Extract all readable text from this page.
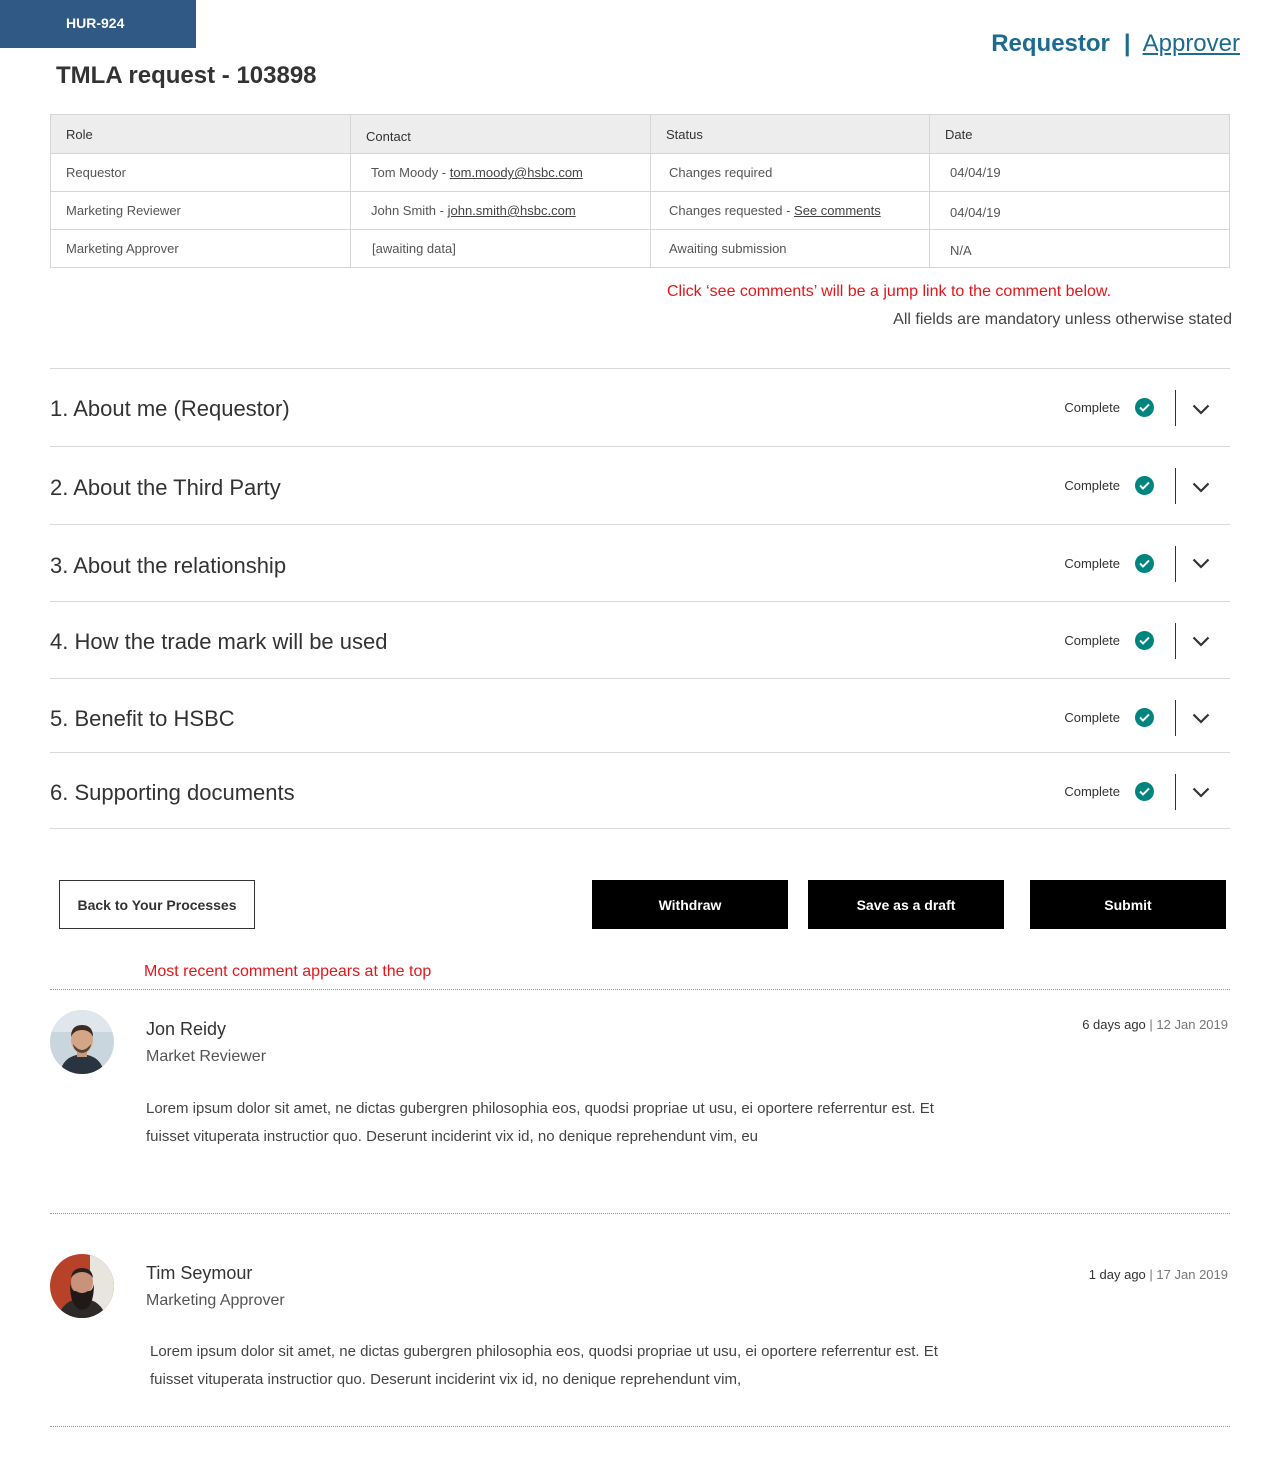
HUR-924
Requestor | Approver
TMLA request - 103898
Role	Contact	Status	Date
Requestor	Tom Moody - tom.moody@hsbc.com	Changes required	04/04/19
Marketing Reviewer	John Smith - john.smith@hsbc.com	Changes requested - See comments	04/04/19
Marketing Approver	[awaiting data]	Awaiting submission	N/A
Click ‘see comments’ will be a jump link to the comment below.
All fields are mandatory unless otherwise stated
1. About me (Requestor)	Complete
2. About the Third Party	Complete
3. About the relationship	Complete
4. How the trade mark will be used	Complete
5. Benefit to HSBC	Complete
6. Supporting documents	Complete
Back to Your Processes	Withdraw	Save as a draft	Submit
Most recent comment appears at the top
Jon Reidy
Market Reviewer
6 days ago | 12 Jan 2019
Lorem ipsum dolor sit amet, ne dictas gubergren philosophia eos, quodsi propriae ut usu, ei oportere referrentur est. Et fuisset vituperata instructior quo. Deserunt inciderint vix id, no denique reprehendunt vim, eu
Tim Seymour
Marketing Approver
1 day ago | 17 Jan 2019
Lorem ipsum dolor sit amet, ne dictas gubergren philosophia eos, quodsi propriae ut usu, ei oportere referrentur est. Et fuisset vituperata instructior quo. Deserunt inciderint vix id, no denique reprehendunt vim,
